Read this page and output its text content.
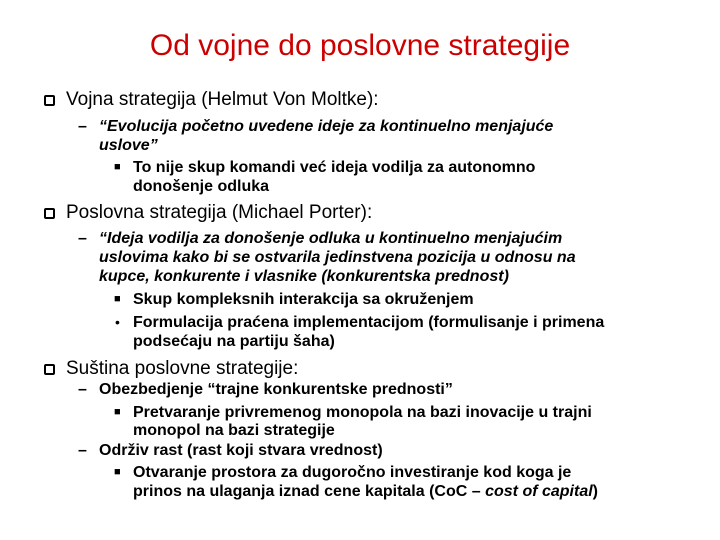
Od vojne do poslovne strategije
Vojna strategija (Helmut Von Moltke):
– “Evolucija početno uvedene ideje za kontinuelno menjajuće
uslove”
■ To nije skup komandi već ideja vodilja za autonomno
donošenje odluka
Poslovna strategija (Michael Porter):
– “Ideja vodilja za donošenje odluka u kontinuelno menjajućim
uslovima kako bi se ostvarila jedinstvena pozicija u odnosu na
kupce, konkurente i vlasnike (konkurentska prednost)
■ Skup kompleksnih interakcija sa okruženjem
• Formulacija praćena implementacijom (formulisanje i primena
podsećaju na partiju šaha)
Suština poslovne strategije:
– Obezbedjenje “trajne konkurentske prednosti”
■ Pretvaranje privremenog monopola na bazi inovacije u trajni
monopol na bazi strategije
– Održiv rast (rast koji stvara vrednost)
■ Otvaranje prostora za dugoročno investiranje kod koga je
prinos na ulaganja iznad cene kapitala (CoC – cost of capital)
